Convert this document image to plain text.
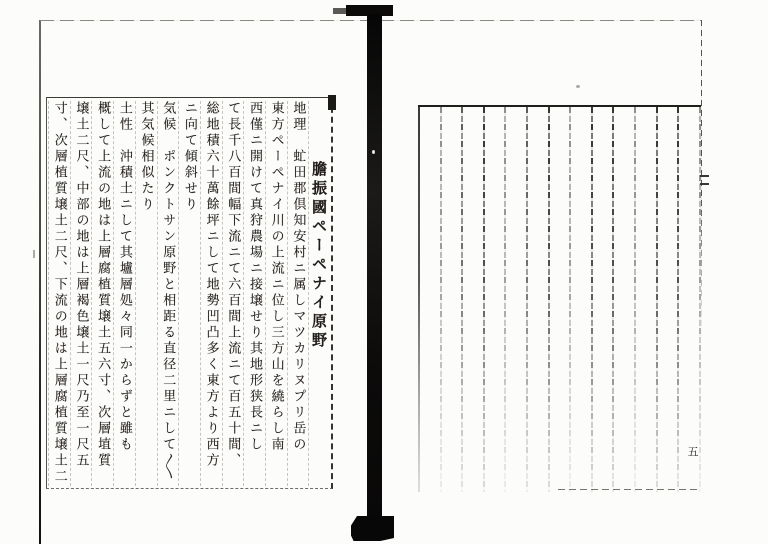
膽振國ペーペナイ原野
地理　虻田郡倶知安村ニ属しマツカリヌプリ岳の
東方ペーペナイ川の上流ニ位し三方山を繞らし南
西僅ニ開けて真狩農場ニ接壌せり其地形狭長ニし
て長千八百間幅下流ニて六百間上流ニて百五十間、
総地積六十萬餘坪ニして地勢凹凸多く東方より西方
ニ向て傾斜せり
気候　ポンクトサン原野と相距る直径二里ニして〱
其気候相似たり
土性　沖積土ニして其壚層処々同一からずと雖も
概して上流の地は上層腐植質壌土五六寸、次層埴質
壌土二尺、中部の地は上層褐色壌土一尺乃至一尺五
寸、次層植質壌土二尺、下流の地は上層腐植質壌土二	五
